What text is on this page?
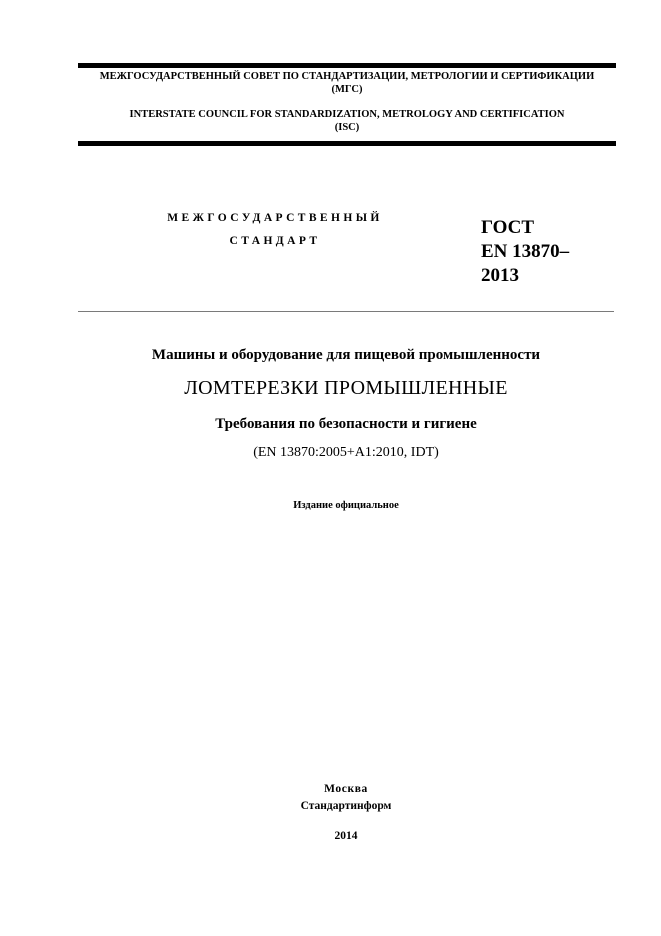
МЕЖГОСУДАРСТВЕННЫЙ СОВЕТ ПО СТАНДАРТИЗАЦИИ, МЕТРОЛОГИИ И СЕРТИФИКАЦИИ
(МГС)
INTERSTATE COUNCIL FOR STANDARDIZATION, METROLOGY AND CERTIFICATION
(ISC)
МЕЖГОСУДАРСТВЕННЫЙ
СТАНДАРТ
ГОСТ
EN 13870–
2013
Машины и оборудование для пищевой промышленности
ЛОМТЕРЕЗКИ ПРОМЫШЛЕННЫЕ
Требования по безопасности и гигиене
(EN 13870:2005+A1:2010, IDT)
Издание официальное
Москва
Стандартинформ
2014
